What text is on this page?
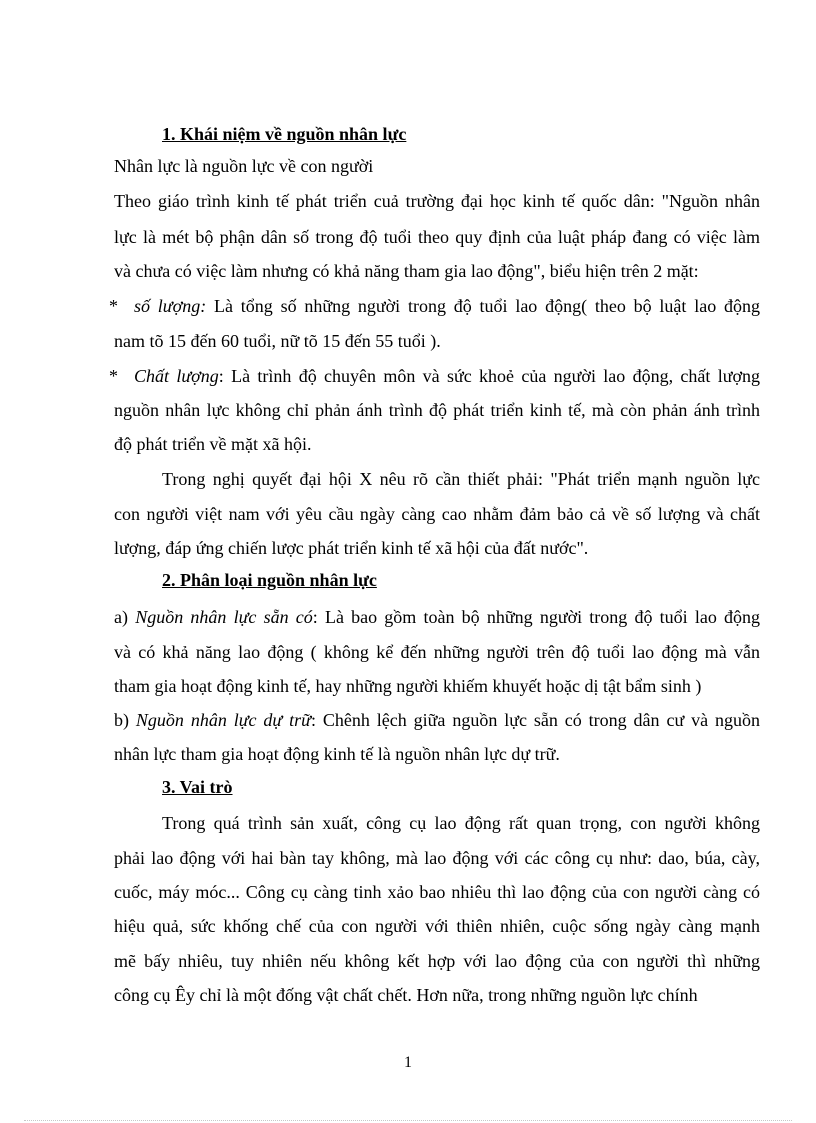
1. Khái niệm về nguồn nhân lực
Nhân lực là nguồn lực về con người
Theo giáo trình kinh tế phát triển cuả trường đại học kinh tế quốc dân: "Nguồn nhân
lực là mét bộ phận dân số trong độ tuổi theo quy định của luật pháp đang có việc làm
và chưa có việc làm nhưng có khả năng tham gia lao động", biểu hiện trên 2 mặt:
* số lượng: Là tổng số những người trong độ tuổi lao động( theo bộ luật lao động
nam tõ 15 đến 60 tuổi, nữ tõ 15 đến 55 tuổi ).
* Chất lượng: Là trình độ chuyên môn và sức khoẻ của người lao động, chất lượng
nguồn nhân lực không chỉ phản ánh trình độ phát triển kinh tế, mà còn phản ánh trình
độ phát triển về mặt xã hội.
Trong nghị quyết đại hội X nêu rõ cần thiết phải: "Phát triển mạnh nguồn lực
con người việt nam với yêu cầu ngày càng cao nhằm đảm bảo cả về số lượng và chất
lượng, đáp ứng chiến lược phát triển kinh tế xã hội của đất nước".
2. Phân loại nguồn nhân lực
a) Nguồn nhân lực sẵn có: Là bao gồm toàn bộ những người trong độ tuổi lao động
và có khả năng lao động ( không kể đến những người trên độ tuổi lao động mà vẫn
tham gia hoạt động kinh tế, hay những người khiếm khuyết hoặc dị tật bẩm sinh )
b) Nguồn nhân lực dự trữ: Chênh lệch giữa nguồn lực sẵn có trong dân cư và nguồn
nhân lực tham gia hoạt động kinh tế là nguồn nhân lực dự trữ.
3. Vai trò
Trong quá trình sản xuất, công cụ lao động rất quan trọng, con người không
phải lao động với hai bàn tay không, mà lao động với các công cụ như: dao, búa, cày,
cuốc, máy móc... Công cụ càng tinh xảo bao nhiêu thì lao động của con người càng có
hiệu quả, sức khống chế của con người với thiên nhiên, cuộc sống ngày càng mạnh
mẽ bấy nhiêu, tuy nhiên nếu không kết hợp với lao động của con người thì những
công cụ Êy chỉ là một đống vật chất chết. Hơn nữa, trong những nguồn lực chính
1
